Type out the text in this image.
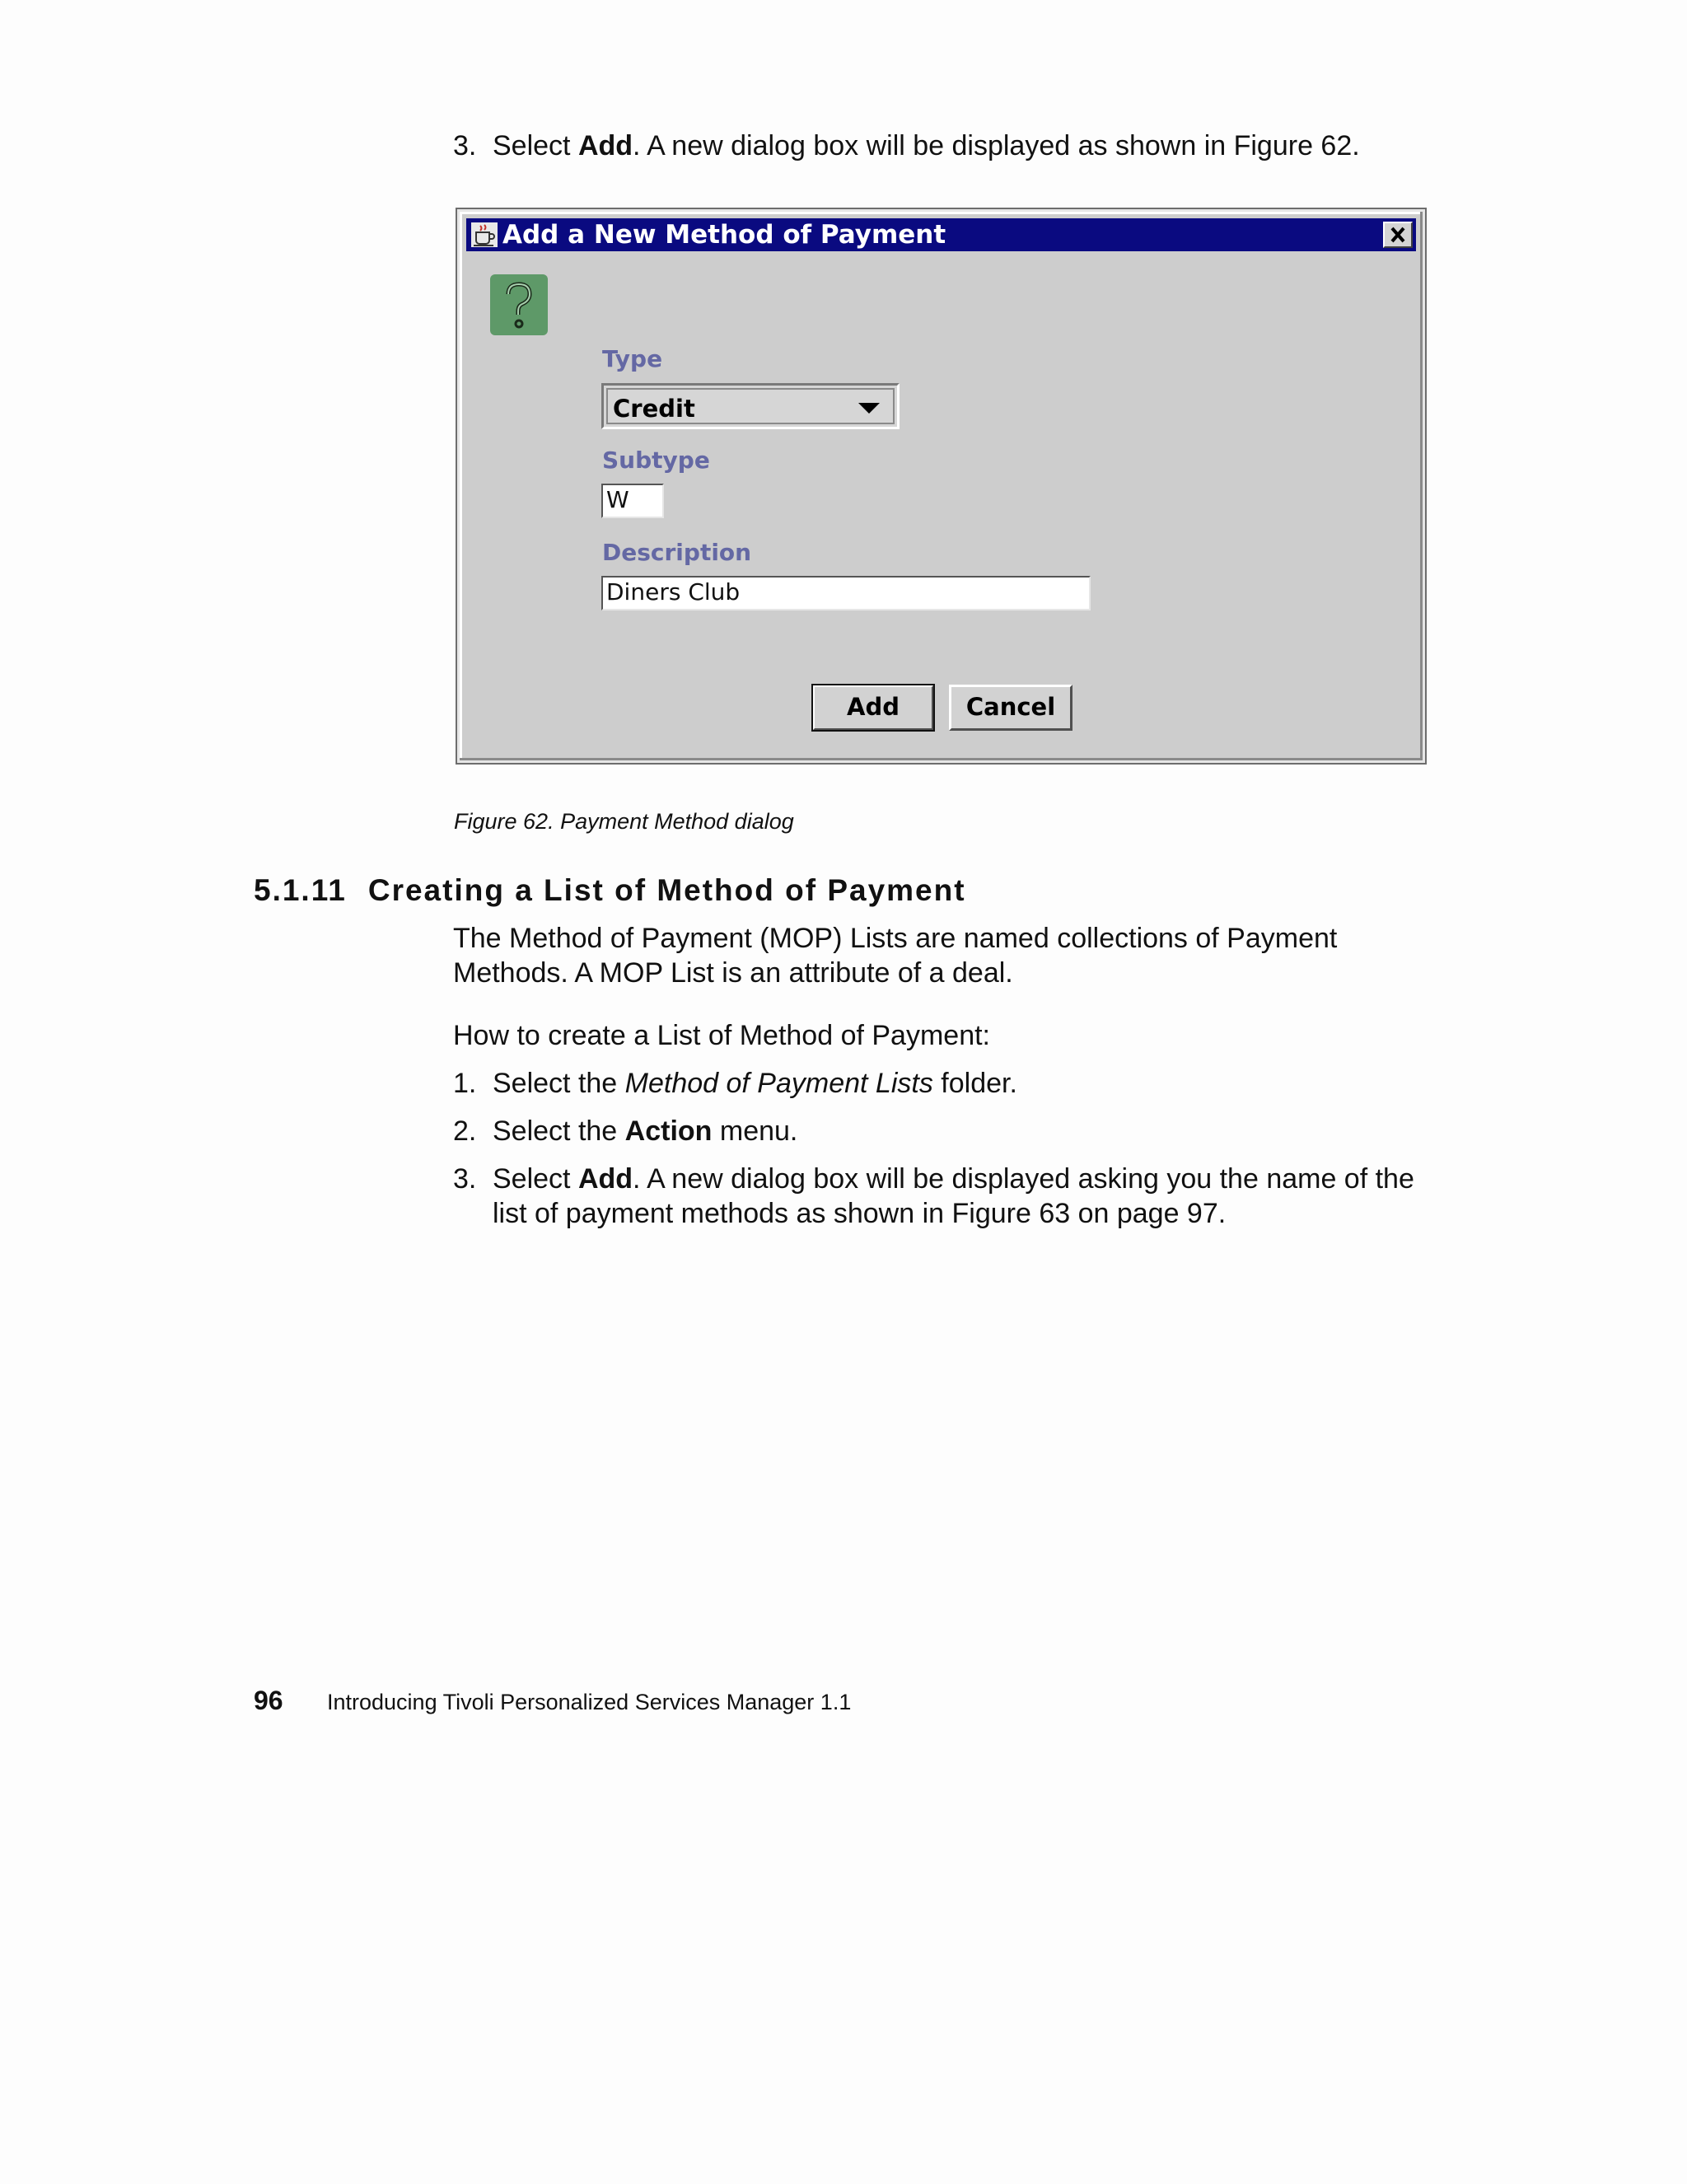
3. Select Add. A new dialog box will be displayed as shown in Figure 62.
Add a New Method of Payment
Type
Credit
Subtype
W
Description
Diners Club
Add	Cancel
Figure 62. Payment Method dialog
5.1.11 Creating a List of Method of Payment
The Method of Payment (MOP) Lists are named collections of Payment
Methods. A MOP List is an attribute of a deal.
How to create a List of Method of Payment:
1. Select the Method of Payment Lists folder.
2. Select the Action menu.
3. Select Add. A new dialog box will be displayed asking you the name of the
list of payment methods as shown in Figure 63 on page 97.
96 Introducing Tivoli Personalized Services Manager 1.1
